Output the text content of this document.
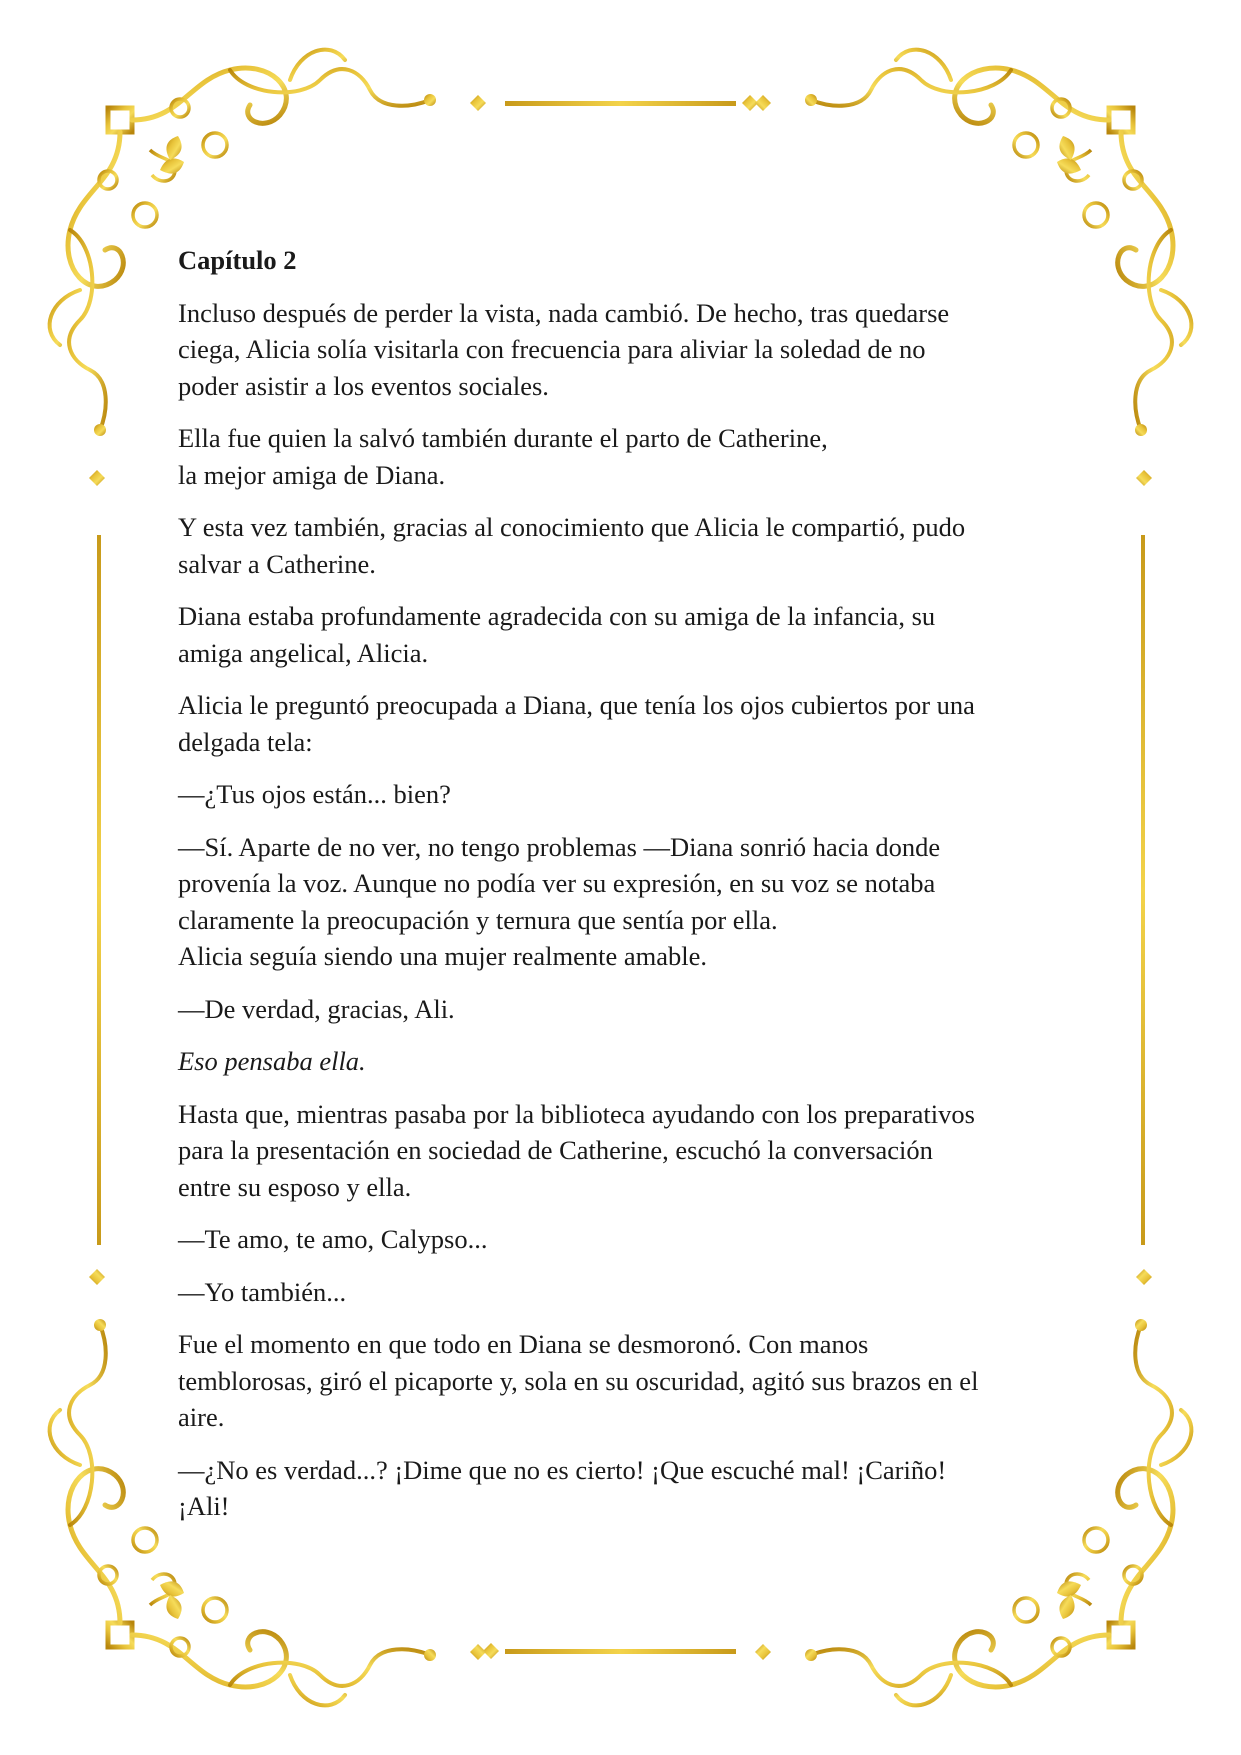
Capítulo 2

Incluso después de perder la vista, nada cambió. De hecho, tras quedarse
ciega, Alicia solía visitarla con frecuencia para aliviar la soledad de no
poder asistir a los eventos sociales.

Ella fue quien la salvó también durante el parto de Catherine,
la mejor amiga de Diana.

Y esta vez también, gracias al conocimiento que Alicia le compartió, pudo
salvar a Catherine.

Diana estaba profundamente agradecida con su amiga de la infancia, su
amiga angelical, Alicia.

Alicia le preguntó preocupada a Diana, que tenía los ojos cubiertos por una
delgada tela:

—¿Tus ojos están... bien?

—Sí. Aparte de no ver, no tengo problemas —Diana sonrió hacia donde
provenía la voz. Aunque no podía ver su expresión, en su voz se notaba
claramente la preocupación y ternura que sentía por ella.
Alicia seguía siendo una mujer realmente amable.

—De verdad, gracias, Ali.

Eso pensaba ella.

Hasta que, mientras pasaba por la biblioteca ayudando con los preparativos
para la presentación en sociedad de Catherine, escuchó la conversación
entre su esposo y ella.

—Te amo, te amo, Calypso...

—Yo también...

Fue el momento en que todo en Diana se desmoronó. Con manos
temblorosas, giró el picaporte y, sola en su oscuridad, agitó sus brazos en el
aire.

—¿No es verdad...? ¡Dime que no es cierto! ¡Que escuché mal! ¡Cariño!
¡Ali!
